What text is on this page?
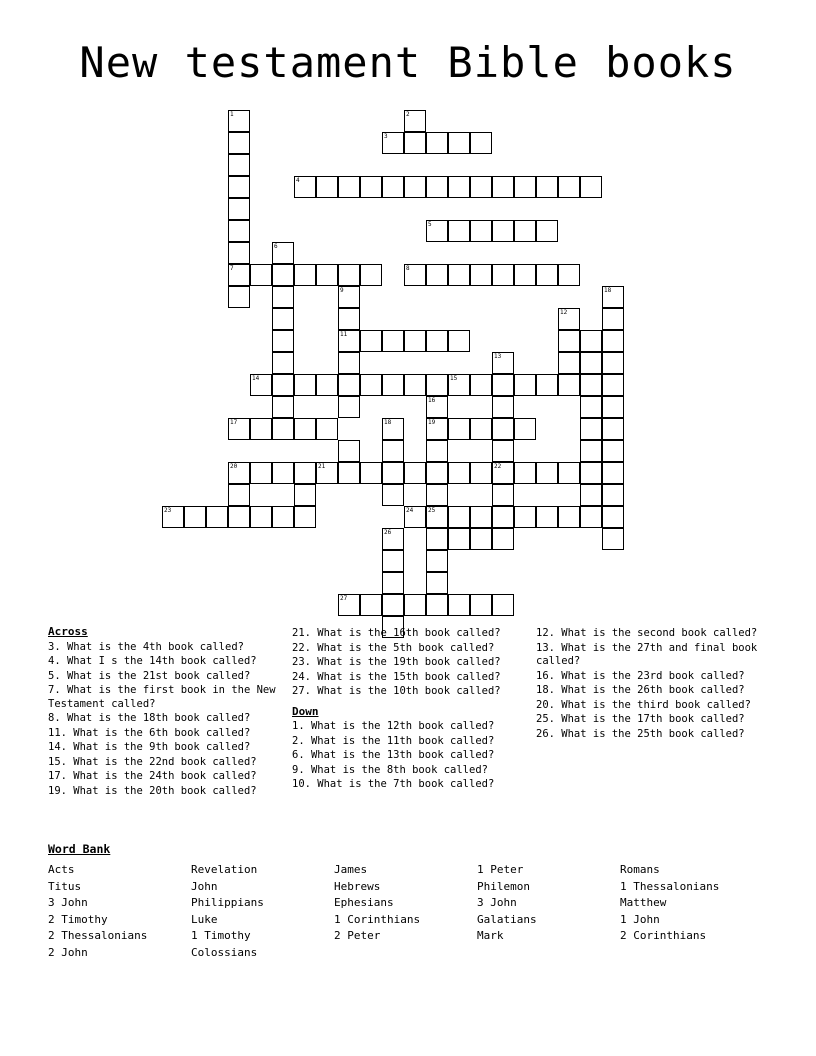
New testament Bible books
1	2
3
4
5
6
7	8
9	18
12
11
13
14	15
16
17	18	19
20	21	22
23	24 25
26
27
Across
3. What is the 4th book called?
4. What I s the 14th book called?
5. What is the 21st book called?
7. What is the first book in the New Testament called?
8. What is the 18th book called?
11. What is the 6th book called?
14. What is the 9th book called?
15. What is the 22nd book called?
17. What is the 24th book called?
19. What is the 20th book called?
21. What is the 16th book called?
22. What is the 5th book called?
23. What is the 19th book called?
24. What is the 15th book called?
27. What is the 10th book called?
Down
1. What is the 12th book called?
2. What is the 11th book called?
6. What is the 13th book called?
9. What is the 8th book called?
10. What is the 7th book called?
12. What is the second book called?
13. What is the 27th and final book called?
16. What is the 23rd book called?
18. What is the 26th book called?
20. What is the third book called?
25. What is the 17th book called?
26. What is the 25th book called?
Word Bank
Acts
Titus
3 John
2 Timothy
2 Thessalonians
2 John
Revelation
John
Philippians
Luke
1 Timothy
Colossians
James
Hebrews
Ephesians
1 Corinthians
2 Peter
1 Peter
Philemon
3 John
Galatians
Mark
Romans
1 Thessalonians
Matthew
1 John
2 Corinthians
